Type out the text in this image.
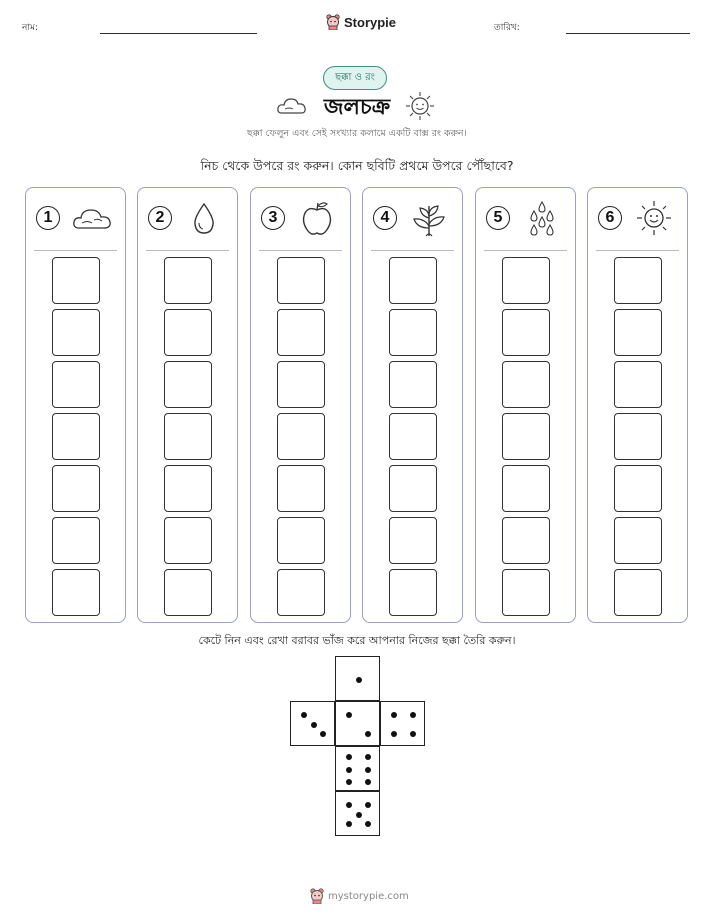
নাম:	Storypie	তারিখ:
ছক্কা ও রং
জলচক্র
ছক্কা ফেলুন এবং সেই সংখ্যার কলামে একটি বাক্স রং করুন।
নিচ থেকে উপরে রং করুন। কোন ছবিটি প্রথমে উপরে পৌঁছাবে?
1	2	3	4	5	6
কেটে নিন এবং রেখা বরাবর ভাঁজ করে আপনার নিজের ছক্কা তৈরি করুন।
mystorypie.com
